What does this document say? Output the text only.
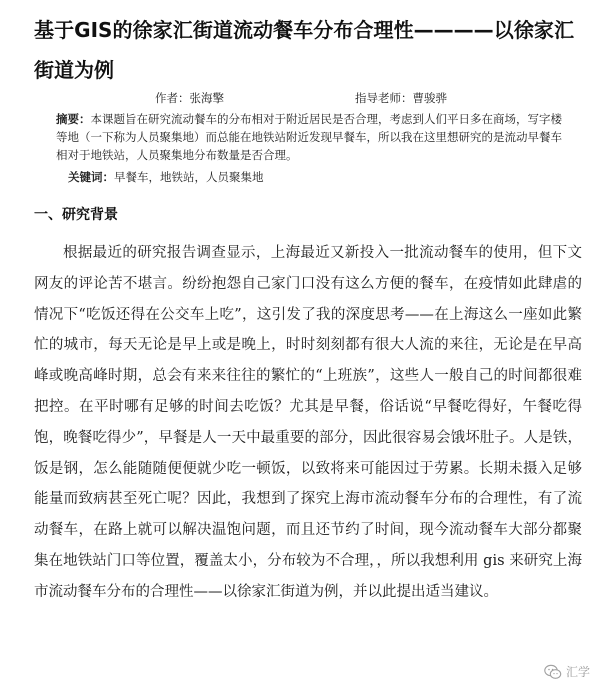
基于GIS的徐家汇街道流动餐车分布合理性————以徐家汇街道为例
作者：张海擎	指导老师：曹骏骅
摘要：本课题旨在研究流动餐车的分布相对于附近居民是否合理，考虑到人们平日多在商场，写字楼等地（一下称为人员聚集地）而总能在地铁站附近发现早餐车，所以我在这里想研究的是流动早餐车相对于地铁站，人员聚集地分布数量是否合理。
关键词：早餐车，地铁站，人员聚集地
一、研究背景
根据最近的研究报告调查显示，上海最近又新投入一批流动餐车的使用，但下文网友的评论苦不堪言。纷纷抱怨自己家门口没有这么方便的餐车，在疫情如此肆虐的情况下“吃饭还得在公交车上吃”，这引发了我的深度思考——在上海这么一座如此繁忙的城市，每天无论是早上或是晚上，时时刻刻都有很大人流的来往，无论是在早高峰或晚高峰时期，总会有来来往往的繁忙的“上班族”，这些人一般自己的时间都很难把控。在平时哪有足够的时间去吃饭？尤其是早餐，俗话说“早餐吃得好，午餐吃得饱，晚餐吃得少”，早餐是人一天中最重要的部分，因此很容易会饿坏肚子。人是铁，饭是钢，怎么能随随便便就少吃一顿饭，以致将来可能因过于劳累。长期未摄入足够能量而致病甚至死亡呢？因此，我想到了探究上海市流动餐车分布的合理性，有了流动餐车，在路上就可以解决温饱问题，而且还节约了时间，现今流动餐车大部分都聚集在地铁站门口等位置，覆盖太小，分布较为不合理，，所以我想利用 gis 来研究上海市流动餐车分布的合理性——以徐家汇街道为例，并以此提出适当建议。
汇学
